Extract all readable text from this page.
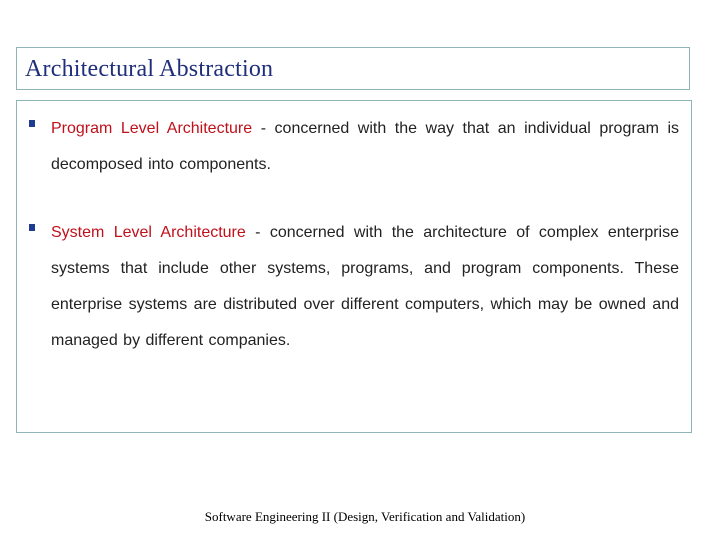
Architectural Abstraction
Program Level Architecture - concerned with the way that an individual program is decomposed into components.
System Level Architecture - concerned with the architecture of complex enterprise systems that include other systems, programs, and program components. These enterprise systems are distributed over different computers, which may be owned and managed by different companies.
Software Engineering II (Design, Verification and Validation)
